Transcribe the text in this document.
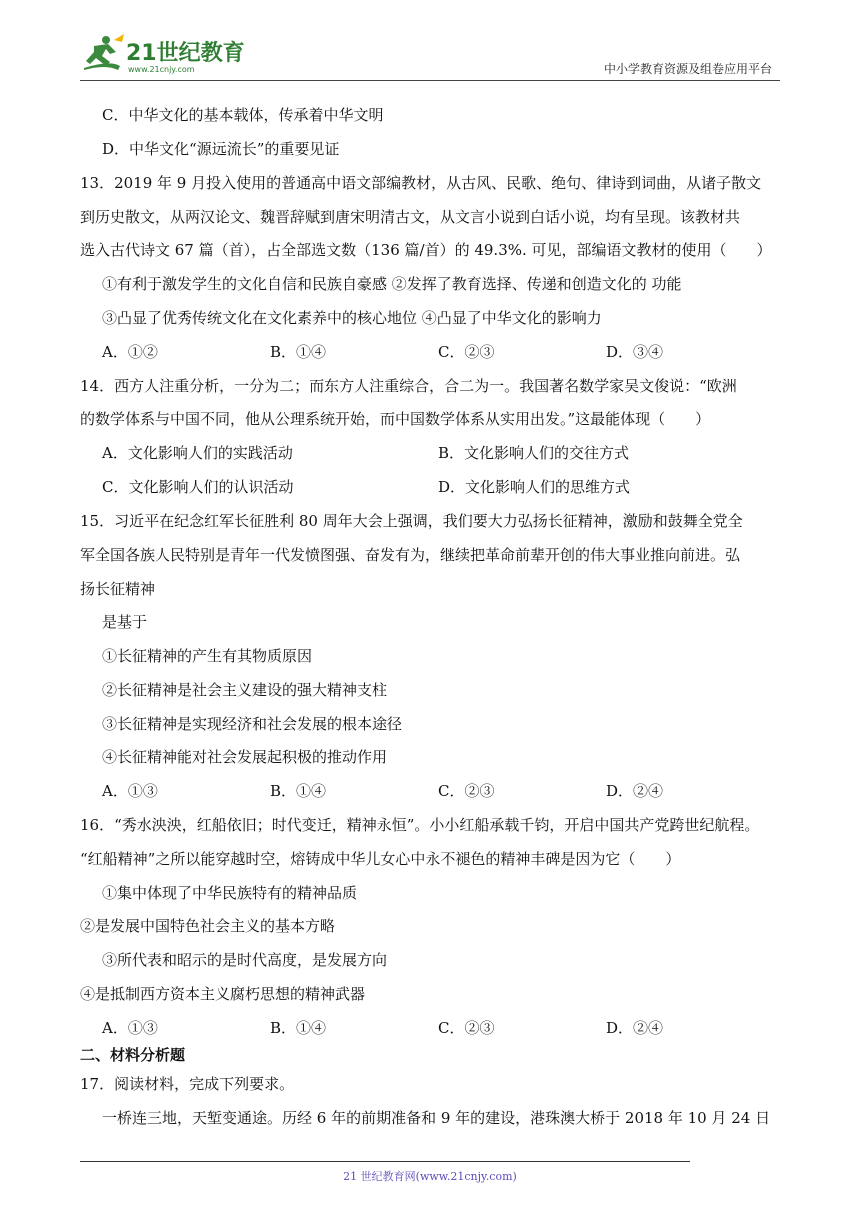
21世纪教育
www.21cnjy.com	中小学教育资源及组卷应用平台
C．中华文化的基本载体，传承着中华文明
D．中华文化“源远流长”的重要见证
13．2019 年 9 月投入使用的普通高中语文部编教材，从古风、民歌、绝句、律诗到词曲，从诸子散文
到历史散文，从两汉论文、魏晋辞赋到唐宋明清古文，从文言小说到白话小说，均有呈现。该教材共
选入古代诗文 67 篇（首），占全部选文数（136 篇/首）的 49.3%. 可见，部编语文教材的使用（　　）
①有利于激发学生的文化自信和民族自豪感 ②发挥了教育选择、传递和创造文化的 功能
③凸显了优秀传统文化在文化素养中的核心地位 ④凸显了中华文化的影响力
A．①②	B．①④	C．②③	D．③④
14．西方人注重分析，一分为二；而东方人注重综合，合二为一。我国著名数学家吴文俊说：“欧洲
的数学体系与中国不同，他从公理系统开始，而中国数学体系从实用出发。”这最能体现（　　）
A．文化影响人们的实践活动	B．文化影响人们的交往方式
C．文化影响人们的认识活动	D．文化影响人们的思维方式
15．习近平在纪念红军长征胜利 80 周年大会上强调，我们要大力弘扬长征精神，激励和鼓舞全党全
军全国各族人民特别是青年一代发愤图强、奋发有为，继续把革命前辈开创的伟大事业推向前进。弘
扬长征精神
是基于
①长征精神的产生有其物质原因
②长征精神是社会主义建设的强大精神支柱
③长征精神是实现经济和社会发展的根本途径
④长征精神能对社会发展起积极的推动作用
A．①③	B．①④	C．②③	D．②④
16．“秀水泱泱，红船依旧；时代变迁，精神永恒”。小小红船承载千钧，开启中国共产党跨世纪航程。
“红船精神”之所以能穿越时空，熔铸成中华儿女心中永不褪色的精神丰碑是因为它（　　）
①集中体现了中华民族特有的精神品质
②是发展中国特色社会主义的基本方略
③所代表和昭示的是时代高度，是发展方向
④是抵制西方资本主义腐朽思想的精神武器
A．①③	B．①④	C．②③	D．②④
二、材料分析题
17．阅读材料，完成下列要求。
一桥连三地，天堑变通途。历经 6 年的前期准备和 9 年的建设，港珠澳大桥于 2018 年 10 月 24 日
21 世纪教育网(www.21cnjy.com)
